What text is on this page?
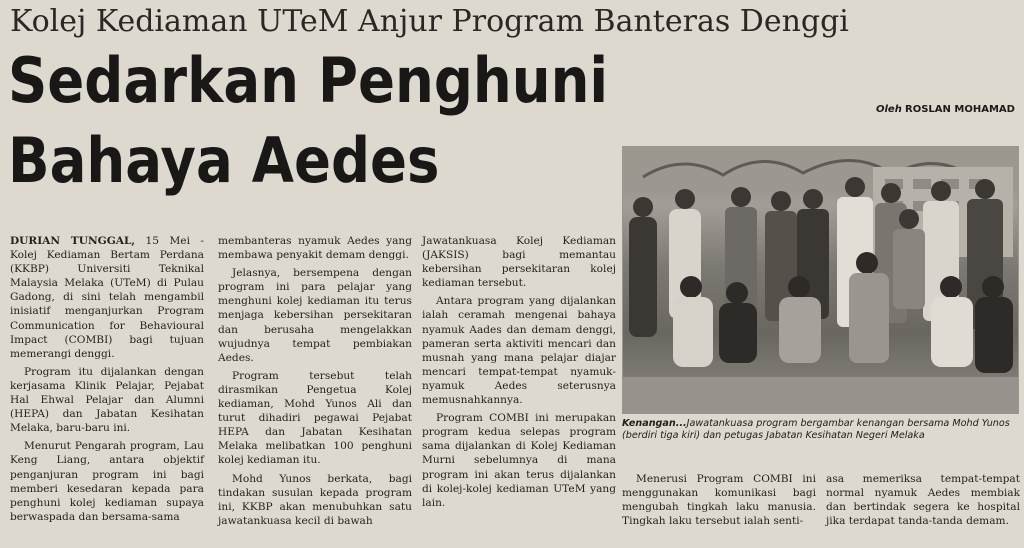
Kolej Kediaman UTeM Anjur Program Banteras Denggi
Sedarkan Penghuni
Bahaya Aedes
Oleh ROSLAN MOHAMAD

DURIAN TUNGGAL, 15 Mei - Kolej Kediaman Bertam Perdana (KKBP) Universiti Teknikal Malaysia Melaka (UTeM) di Pulau Gadong, di sini telah mengambil inisiatif menganjurkan Program Communication for Behavioural Impact (COMBI) bagi tujuan memerangi denggi.

Program itu dijalankan dengan kerjasama Klinik Pelajar, Pejabat Hal Ehwal Pelajar dan Alumni (HEPA) dan Jabatan Kesihatan Melaka, baru-baru ini.

Menurut Pengarah program, Lau Keng Liang, antara objektif penganjuran program ini bagi memberi kesedaran kepada para penghuni kolej kediaman supaya berwaspada dan bersama-sama

membanteras nyamuk Aedes yang membawa penyakit demam denggi.

Jelasnya, bersempena dengan program ini para pelajar yang menghuni kolej kediaman itu terus menjaga kebersihan persekitaran dan berusaha mengelakkan wujudnya tempat pembiakan Aedes.

Program tersebut telah dirasmikan Pengetua Kolej kediaman, Mohd Yunos Ali dan turut dihadiri pegawai Pejabat HEPA dan Jabatan Kesihatan Melaka melibatkan 100 penghuni kolej kediaman itu.

Mohd Yunos berkata, bagi tindakan susulan kepada program ini, KKBP akan menubuhkan satu jawatankuasa kecil di bawah

Jawatankuasa Kolej Kediaman (JAKSIS) bagi memantau kebersihan persekitaran kolej kediaman tersebut.

Antara program yang dijalankan ialah ceramah mengenai bahaya nyamuk Aades dan demam denggi, pameran serta aktiviti mencari dan musnah yang mana pelajar diajar mencari tempat-tempat nyamuk-nyamuk Aedes seterusnya memusnahkannya.

Program COMBI ini merupakan program kedua selepas program sama dijalankan di Kolej Kediaman Murni sebelumnya di mana program ini akan terus dijalankan di kolej-kolej kediaman UTeM yang lain.

Kenangan...Jawatankuasa program bergambar kenangan bersama Mohd Yunos (berdiri tiga kiri) dan petugas Jabatan Kesihatan Negeri Melaka

Menerusi Program COMBI ini menggunakan komunikasi bagi mengubah tingkah laku manusia. Tingkah laku tersebut ialah senti-

asa memeriksa tempat-tempat normal nyamuk Aedes membiak dan bertindak segera ke hospital jika terdapat tanda-tanda demam.
